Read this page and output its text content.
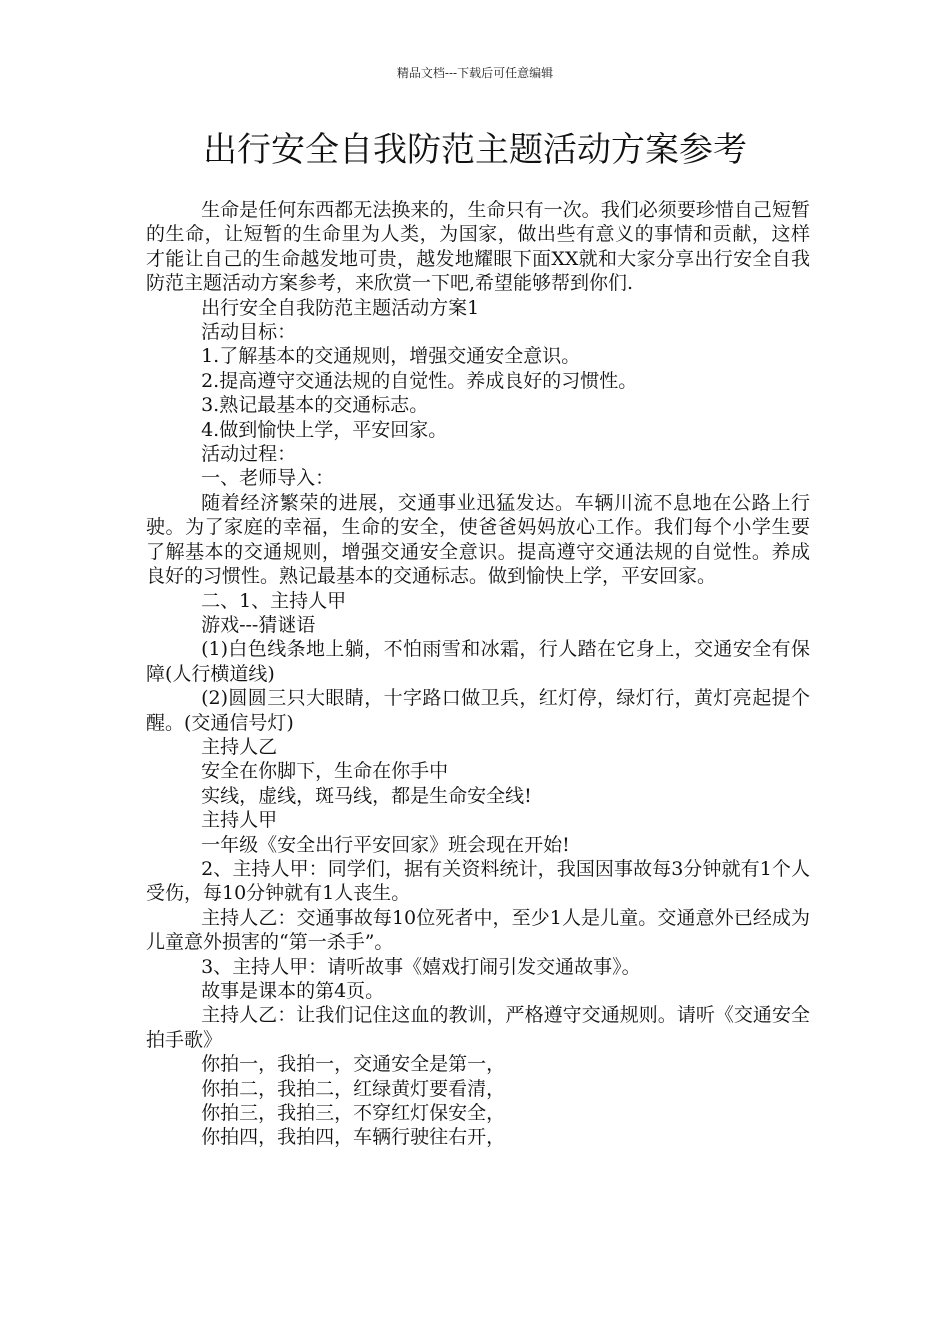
精品文档---下载后可任意编辑
出行安全自我防范主题活动方案参考

生命是任何东西都无法换来的，生命只有一次。我们必须要珍惜自己短暂的生命，让短暂的生命里为人类，为国家，做出些有意义的事情和贡献，这样才能让自己的生命越发地可贵，越发地耀眼下面XX就和大家分享出行安全自我防范主题活动方案参考，来欣赏一下吧,希望能够帮到你们.

出行安全自我防范主题活动方案1

活动目标：

1.了解基本的交通规则，增强交通安全意识。

2.提高遵守交通法规的自觉性。养成良好的习惯性。

3.熟记最基本的交通标志。

4.做到愉快上学，平安回家。

活动过程：

一、老师导入：

随着经济繁荣的进展，交通事业迅猛发达。车辆川流不息地在公路上行驶。为了家庭的幸福，生命的安全，使爸爸妈妈放心工作。我们每个小学生要了解基本的交通规则，增强交通安全意识。提高遵守交通法规的自觉性。养成良好的习惯性。熟记最基本的交通标志。做到愉快上学，平安回家。

二、1、主持人甲

游戏---猜谜语

(1)白色线条地上躺，不怕雨雪和冰霜，行人踏在它身上，交通安全有保障(人行横道线)

(2)圆圆三只大眼睛，十字路口做卫兵，红灯停，绿灯行，黄灯亮起提个醒。(交通信号灯)

主持人乙

安全在你脚下，生命在你手中

实线，虚线，斑马线，都是生命安全线!

主持人甲

一年级《安全出行平安回家》班会现在开始!

2、主持人甲：同学们，据有关资料统计，我国因事故每3分钟就有1个人受伤，每10分钟就有1人丧生。

主持人乙：交通事故每10位死者中，至少1人是儿童。交通意外已经成为儿童意外损害的“第一杀手”。

3、主持人甲：请听故事《嬉戏打闹引发交通故事》。

故事是课本的第4页。

主持人乙：让我们记住这血的教训，严格遵守交通规则。请听《交通安全拍手歌》

你拍一，我拍一，交通安全是第一，

你拍二，我拍二，红绿黄灯要看清，

你拍三，我拍三，不穿红灯保安全，

你拍四，我拍四，车辆行驶往右开，
